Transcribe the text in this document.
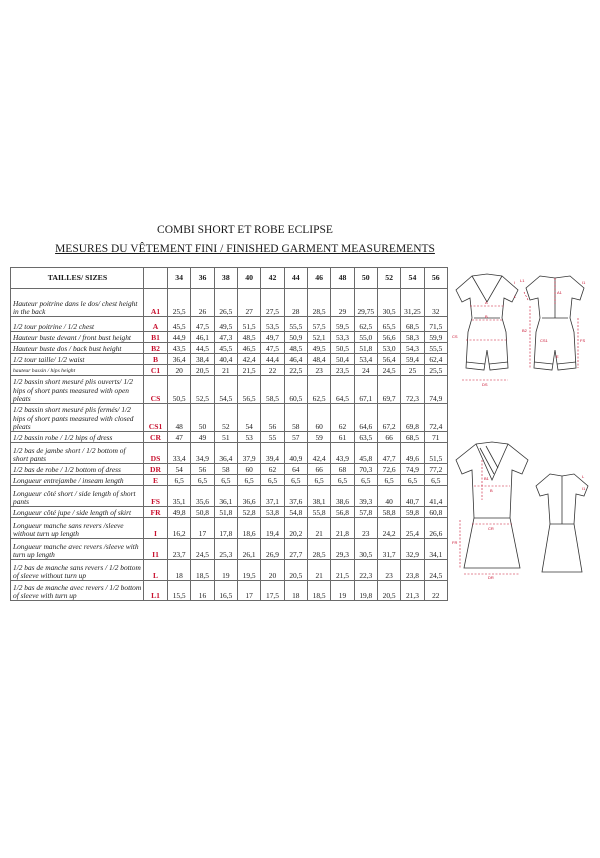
COMBI SHORT ET ROBE ECLIPSE
MESURES DU VÊTEMENT FINI / FINISHED GARMENT MEASUREMENTS
TAILLES/ SIZES		34	36	38	40	42	44	46	48	50	52	54	56
Hauteur poitrine dans le dos/ chest height in the back	A1	25,5	26	26,5	27	27,5	28	28,5	29	29,75	30,5	31,25	32
1/2 tour poitrine / 1/2 chest	A	45,5	47,5	49,5	51,5	53,5	55,5	57,5	59,5	62,5	65,5	68,5	71,5
Hauteur buste devant / front bust height	B1	44,9	46,1	47,3	48,5	49,7	50,9	52,1	53,3	55,0	56,6	58,3	59,9
Hauteur buste dos / back bust height	B2	43,5	44,5	45,5	46,5	47,5	48,5	49,5	50,5	51,8	53,0	54,3	55,5
1/2 tour taille/ 1/2 waist	B	36,4	38,4	40,4	42,4	44,4	46,4	48,4	50,4	53,4	56,4	59,4	62,4
hauteur bassin / hips height	C1	20	20,5	21	21,5	22	22,5	23	23,5	24	24,5	25	25,5
1/2 bassin short mesuré plis ouverts/ 1/2 hips of short pants measured with open pleats	CS	50,5	52,5	54,5	56,5	58,5	60,5	62,5	64,5	67,1	69,7	72,3	74,9
1/2 bassin short mesuré plis fermés/ 1/2 hips of short pants measured with closed pleats	CS1	48	50	52	54	56	58	60	62	64,6	67,2	69,8	72,4
1/2 bassin robe / 1/2 hips of dress	CR	47	49	51	53	55	57	59	61	63,5	66	68,5	71
1/2 bas de jambe short / 1/2 bottom of short pants	DS	33,4	34,9	36,4	37,9	39,4	40,9	42,4	43,9	45,8	47,7	49,6	51,5
1/2 bas de robe / 1/2 bottom of dress	DR	54	56	58	60	62	64	66	68	70,3	72,6	74,9	77,2
Longueur entrejambe / inseam length	E	6,5	6,5	6,5	6,5	6,5	6,5	6,5	6,5	6,5	6,5	6,5	6,5
Longueur côté short / side length of short pants	FS	35,1	35,6	36,1	36,6	37,1	37,6	38,1	38,6	39,3	40	40,7	41,4
Longueur côté jupe / side length of skirt	FR	49,8	50,8	51,8	52,8	53,8	54,8	55,8	56,8	57,8	58,8	59,8	60,8
Longueur manche sans revers /sleeve without turn up length	I	16,2	17	17,8	18,6	19,4	20,2	21	21,8	23	24,2	25,4	26,6
Longueur manche avec revers /sleeve with turn up length	I1	23,7	24,5	25,3	26,1	26,9	27,7	28,5	29,3	30,5	31,7	32,9	34,1
1/2 bas de manche sans revers / 1/2 bottom of sleeve without turn up	L	18	18,5	19	19,5	20	20,5	21	21,5	22,3	23	23,8	24,5
1/2 bas de manche avec revers / 1/2 bottom of sleeve with turn up	L1	15,5	16	16,5	17	17,5	18	18,5	19	19,8	20,5	21,3	22
A
B
CS
DS
I
L
L1
A1
B2
CS1
E
FS
I1
B1
B
CR
DR
FR
L
I1
